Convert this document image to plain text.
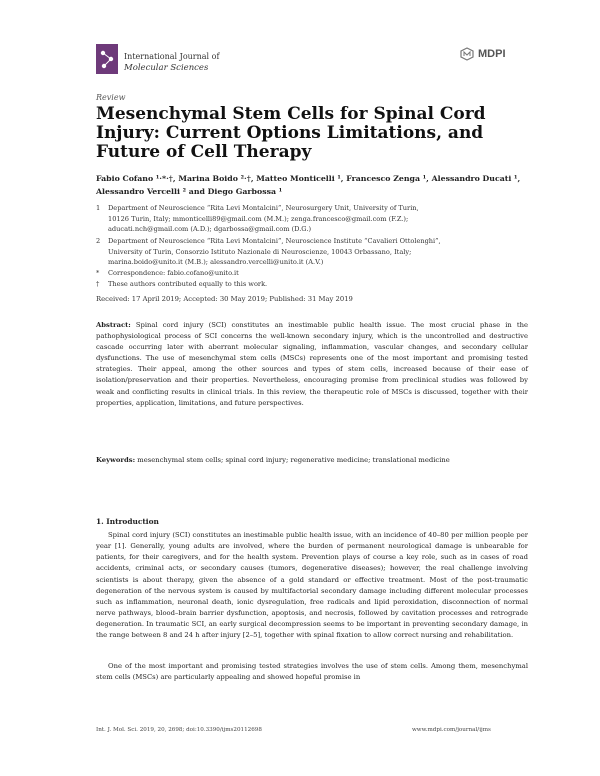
International Journal of
Molecular Sciences
MDPI
Review
Mesenchymal Stem Cells for Spinal Cord Injury: Current Options Limitations, and Future of Cell Therapy
Fabio Cofano ¹·*·†, Marina Boido ²·†, Matteo Monticelli ¹, Francesco Zenga ¹, Alessandro Ducati ¹,
Alessandro Vercelli ² and Diego Garbossa ¹
1 Department of Neuroscience “Rita Levi Montalcini”, Neurosurgery Unit, University of Turin,
10126 Turin, Italy; mmonticelli89@gmail.com (M.M.); zenga.francesco@gmail.com (F.Z.);
aducati.nch@gmail.com (A.D.); dgarbossa@gmail.com (D.G.)
2 Department of Neuroscience “Rita Levi Montalcini”, Neuroscience Institute “Cavalieri Ottolenghi”,
University of Turin, Consorzio Istituto Nazionale di Neuroscienze, 10043 Orbassano, Italy;
marina.boido@unito.it (M.B.); alessandro.vercelli@unito.it (A.V.)
* Correspondence: fabio.cofano@unito.it
† These authors contributed equally to this work.
Received: 17 April 2019; Accepted: 30 May 2019; Published: 31 May 2019
Abstract: Spinal cord injury (SCI) constitutes an inestimable public health issue. The most crucial phase in the pathophysiological process of SCI concerns the well-known secondary injury, which is the uncontrolled and destructive cascade occurring later with aberrant molecular signaling, inflammation, vascular changes, and secondary cellular dysfunctions. The use of mesenchymal stem cells (MSCs) represents one of the most important and promising tested strategies. Their appeal, among the other sources and types of stem cells, increased because of their ease of isolation/preservation and their properties. Nevertheless, encouraging promise from preclinical studies was followed by weak and conflicting results in clinical trials. In this review, the therapeutic role of MSCs is discussed, together with their properties, application, limitations, and future perspectives.
Keywords: mesenchymal stem cells; spinal cord injury; regenerative medicine; translational medicine
1. Introduction
Spinal cord injury (SCI) constitutes an inestimable public health issue, with an incidence of 40–80 per million people per year [1]. Generally, young adults are involved, where the burden of permanent neurological damage is unbearable for patients, for their caregivers, and for the health system. Prevention plays of course a key role, such as in cases of road accidents, criminal acts, or secondary causes (tumors, degenerative diseases); however, the real challenge involving scientists is about therapy, given the absence of a gold standard or effective treatment. Most of the post-traumatic degeneration of the nervous system is caused by multifactorial secondary damage including different molecular processes such as inflammation, neuronal death, ionic dysregulation, free radicals and lipid peroxidation, disconnection of normal nerve pathways, blood–brain barrier dysfunction, apoptosis, and necrosis, followed by cavitation processes and retrograde degeneration. In traumatic SCI, an early surgical decompression seems to be important in preventing secondary damage, in the range between 8 and 24 h after injury [2–5], together with spinal fixation to allow correct nursing and rehabilitation.
One of the most important and promising tested strategies involves the use of stem cells. Among them, mesenchymal stem cells (MSCs) are particularly appealing and showed hopeful promise in
Int. J. Mol. Sci. 2019, 20, 2698; doi:10.3390/ijms20112698	www.mdpi.com/journal/ijms
